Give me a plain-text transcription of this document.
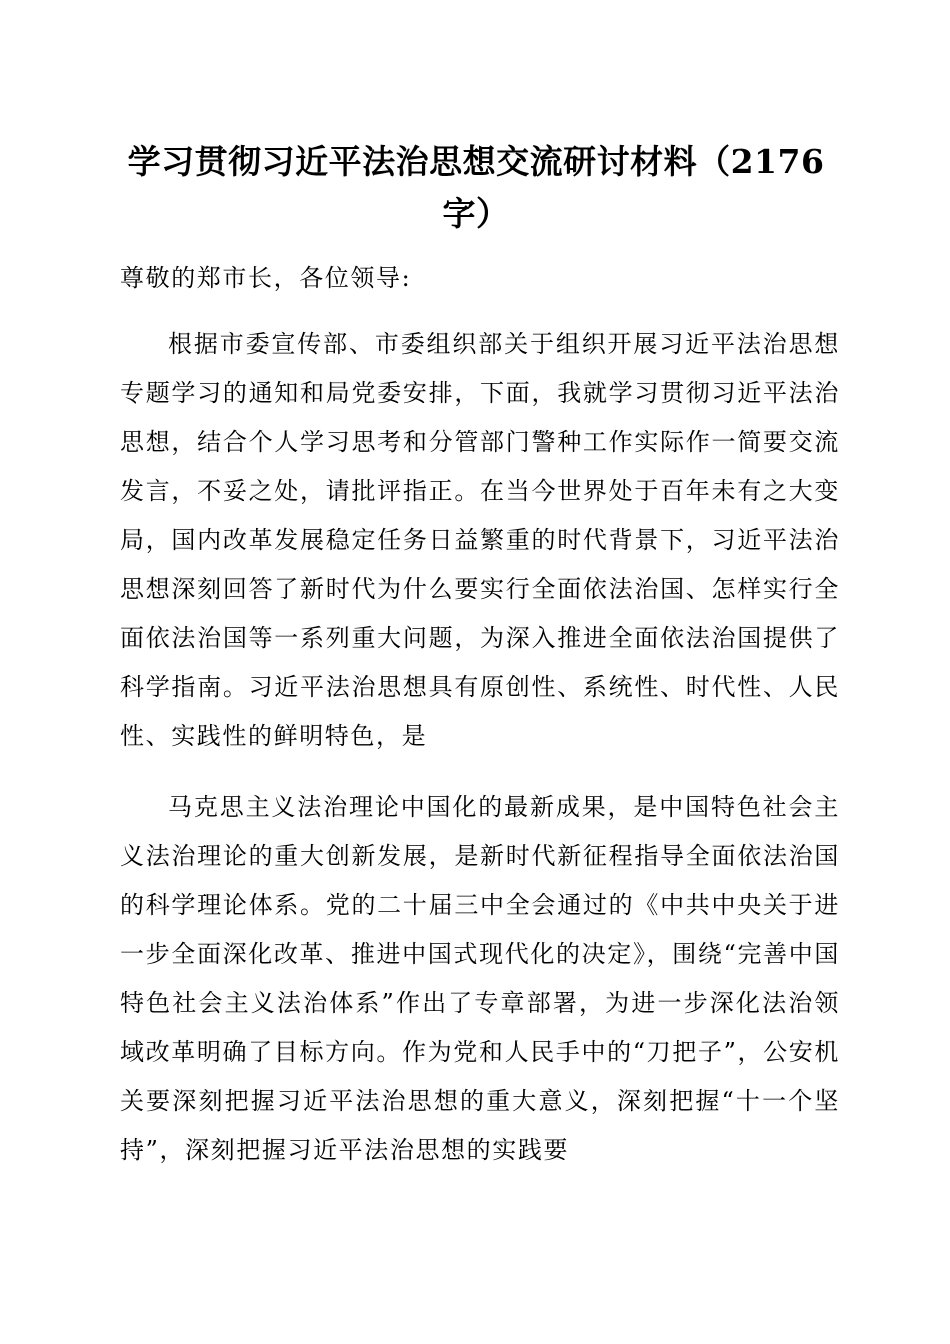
学习贯彻习近平法治思想交流研讨材料（2176字）

尊敬的郑市长，各位领导:

根据市委宣传部、市委组织部关于组织开展习近平法治思想专题学习的通知和局党委安排，下面，我就学习贯彻习近平法治思想，结合个人学习思考和分管部门警种工作实际作一简要交流发言，不妥之处，请批评指正。在当今世界处于百年未有之大变局，国内改革发展稳定任务日益繁重的时代背景下，习近平法治思想深刻回答了新时代为什么要实行全面依法治国、怎样实行全面依法治国等一系列重大问题，为深入推进全面依法治国提供了科学指南。习近平法治思想具有原创性、系统性、时代性、人民性、实践性的鲜明特色，是

马克思主义法治理论中国化的最新成果，是中国特色社会主义法治理论的重大创新发展，是新时代新征程指导全面依法治国的科学理论体系。党的二十届三中全会通过的《中共中央关于进一步全面深化改革、推进中国式现代化的决定》，围绕“完善中国特色社会主义法治体系”作出了专章部署，为进一步深化法治领域改革明确了目标方向。作为党和人民手中的“刀把子”，公安机关要深刻把握习近平法治思想的重大意义，深刻把握“十一个坚持”，深刻把握习近平法治思想的实践要
